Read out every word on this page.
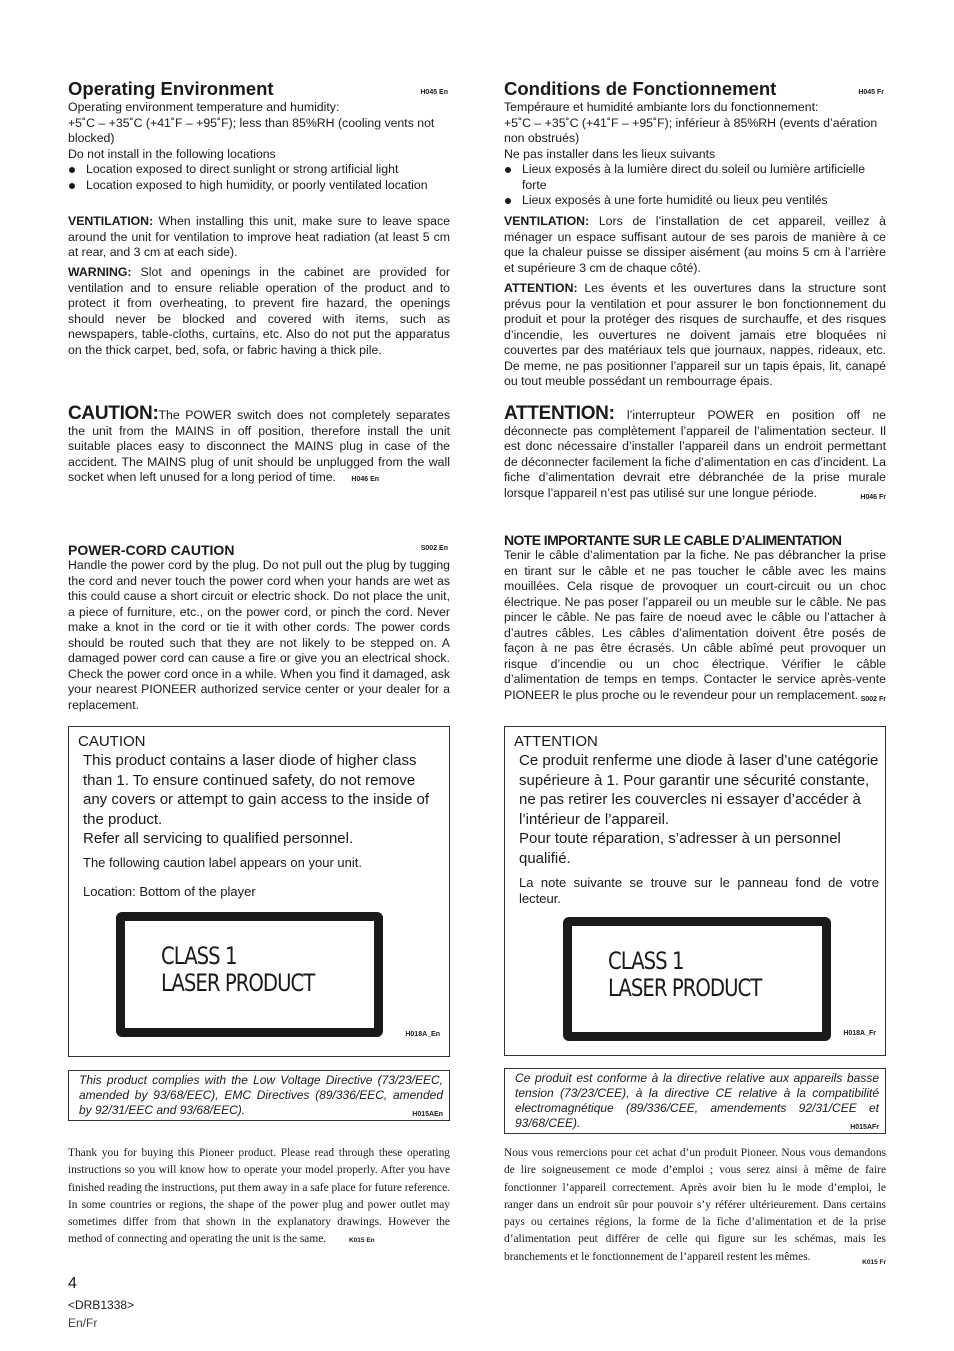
Operating Environment	H045 En

Operating environment temperature and humidity:

+5˚C – +35˚C (+41˚F – +95˚F); less than 85%RH (cooling vents not blocked)

Do not install in the following locations

Location exposed to direct sunlight or strong artificial light
Location exposed to high humidity, or poorly ventilated location

VENTILATION: When installing this unit, make sure to leave space around the unit for ventilation to improve heat radiation (at least 5 cm at rear, and 3 cm at each side).

WARNING: Slot and openings in the cabinet are provided for ventilation and to ensure reliable operation of the product and to protect it from overheating, to prevent fire hazard, the openings should never be blocked and covered with items, such as newspapers, table-cloths, curtains, etc. Also do not put the apparatus on the thick carpet, bed, sofa, or fabric having a thick pile.

CAUTION:The POWER switch does not completely separates the unit from the MAINS in off position, therefore install the unit suitable places easy to disconnect the MAINS plug in case of the accident. The MAINS plug of unit should be unplugged from the wall socket when left unused for a long period of time. H046 En

POWER-CORD CAUTION	S002 En

Handle the power cord by the plug. Do not pull out the plug by tugging the cord and never touch the power cord when your hands are wet as this could cause a short circuit or electric shock. Do not place the unit, a piece of furniture, etc., on the power cord, or pinch the cord. Never make a knot in the cord or tie it with other cords. The power cords should be routed such that they are not likely to be stepped on. A damaged power cord can cause a fire or give you an electrical shock. Check the power cord once in a while. When you find it damaged, ask your nearest PIONEER authorized service center or your dealer for a replacement.

CAUTION
This product contains a laser diode of higher class than 1. To ensure continued safety, do not remove any covers or attempt to gain access to the inside of the product.
Refer all servicing to qualified personnel.
The following caution label appears on your unit.
Location: Bottom of the player
CLASS 1
LASER PRODUCT
H018A_En
This product complies with the Low Voltage Directive (73/23/EEC, amended by 93/68/EEC), EMC Directives (89/336/EEC, amended by 92/31/EEC and 93/68/EEC).	H015AEn

Thank you for buying this Pioneer product. Please read through these operating instructions so you will know how to operate your model properly. After you have finished reading the instructions, put them away in a safe place for future reference. In some countries or regions, the shape of the power plug and power outlet may sometimes differ from that shown in the explanatory drawings. However the method of connecting and operating the unit is the same.	K015 En

Conditions de Fonctionnement	H045 Fr

Tempéraure et humidité ambiante lors du fonctionnement:

+5˚C – +35˚C (+41˚F – +95˚F); inférieur à 85%RH (events d’aération non obstrués)

Ne pas installer dans les lieux suivants

Lieux exposés à la lumière direct du soleil ou lumière artificielle forte
Lieux exposés à une forte humidité ou lieux peu ventilés

VENTILATION: Lors de l’installation de cet appareil, veillez à ménager un espace suffisant autour de ses parois de manière à ce que la chaleur puisse se dissiper aisément (au moins 5 cm à l’arrière et supérieure 3 cm de chaque côté).

ATTENTION: Les évents et les ouvertures dans la structure sont prévus pour la ventilation et pour assurer le bon fonctionnement du produit et pour la protéger des risques de surchauffe, et des risques d’incendie, les ouvertures ne doivent jamais etre bloquées ni couvertes par des matériaux tels que journaux, nappes, rideaux, etc. De meme, ne pas positionner l’appareil sur un tapis épais, lit, canapé ou tout meuble possédant un rembourrage épais.

ATTENTION: l’interrupteur POWER en position off ne déconnecte pas complètement l’appareil de l’alimentation secteur. Il est donc nécessaire d’installer l’appareil dans un endroit permettant de déconnecter facilement la fiche d’alimentation en cas d’incident. La fiche d’alimentation devrait etre débranchée de la prise murale lorsque l’appareil n’est pas utilisé sur une longue période.	H046 Fr

NOTE IMPORTANTE SUR LE CABLE D’ALIMENTATION

Tenir le câble d’alimentation par la fiche. Ne pas débrancher la prise en tirant sur le câble et ne pas toucher le câble avec les mains mouillées. Cela risque de provoquer un court-circuit ou un choc électrique. Ne pas poser l’appareil ou un meuble sur le câble. Ne pas pincer le câble. Ne pas faire de noeud avec le câble ou l’attacher à d’autres câbles. Les câbles d’alimentation doivent être posés de façon à ne pas être écrasés. Un câble abîmé peut provoquer un risque d’incendie ou un choc électrique. Vérifier le câble d’alimentation de temps en temps. Contacter le service après-vente PIONEER le plus proche ou le revendeur pour un remplacement. S002 Fr

ATTENTION
Ce produit renferme une diode à laser d’une catégorie supérieure à 1. Pour garantir une sécurité constante, ne pas retirer les couvercles ni essayer d’accéder à l’intérieur de l’appareil.
Pour toute réparation, s’adresser à un personnel qualifié.
La note suivante se trouve sur le panneau fond de votre lecteur.
CLASS 1
LASER PRODUCT
H018A_Fr
Ce produit est conforme à la directive relative aux appareils basse tension (73/23/CEE), à la directive CE relative à la compatibilité electromagnétique (89/336/CEE, amendements 92/31/CEE et 93/68/CEE).	H015AFr

Nous vous remercions pour cet achat d’un produit Pioneer. Nous vous demandons de lire soigneusement ce mode d’emploi ; vous serez ainsi à même de faire fonctionner l’appareil correctement. Après avoir bien lu le mode d’emploi, le ranger dans un endroit sûr pour pouvoir s’y référer ultérieurement. Dans certains pays ou certaines régions, la forme de la fiche d’alimentation et de la prise d’alimentation peut différer de celle qui figure sur les schémas, mais les branchements et le fonctionnement de l’appareil restent les mêmes.	K015 Fr

4
<DRB1338>
En/Fr
